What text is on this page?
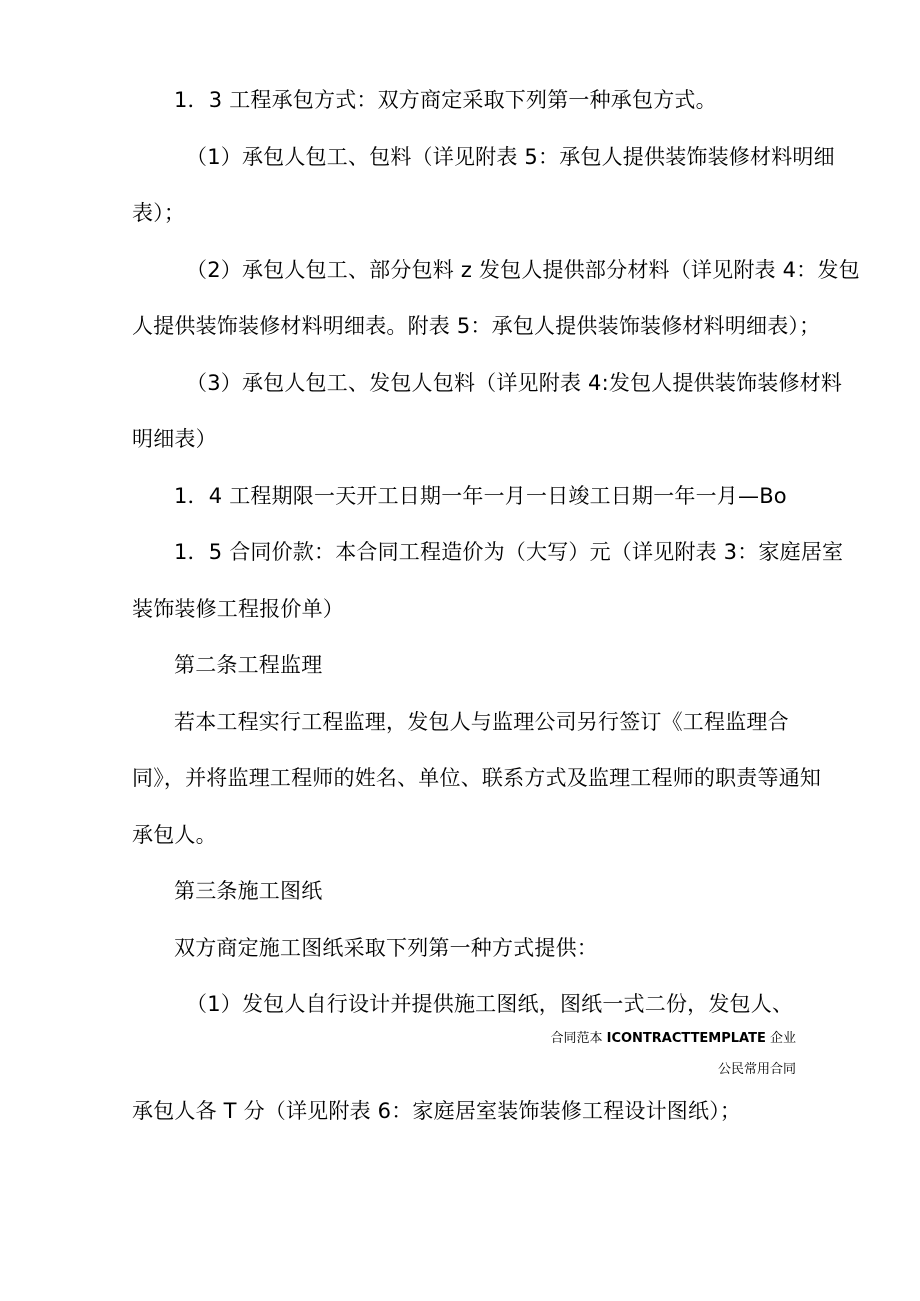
1．3 工程承包方式：双方商定采取下列第一种承包方式。
（1）承包人包工、包料（详见附表 5：承包人提供装饰装修材料明细
表）；
（2）承包人包工、部分包料 z 发包人提供部分材料（详见附表 4：发包
人提供装饰装修材料明细表。附表 5：承包人提供装饰装修材料明细表）；
（3）承包人包工、发包人包料（详见附表 4:发包人提供装饰装修材料
明细表）
1．4 工程期限一天开工日期一年一月一日竣工日期一年一月—Bo
1．5 合同价款：本合同工程造价为（大写）元（详见附表 3：家庭居室
装饰装修工程报价单）
第二条工程监理
若本工程实行工程监理，发包人与监理公司另行签订《工程监理合
同》，并将监理工程师的姓名、单位、联系方式及监理工程师的职责等通知
承包人。
第三条施工图纸
双方商定施工图纸采取下列第一种方式提供：
（1）发包人自行设计并提供施工图纸，图纸一式二份，发包人、
合同范本 ICONTRACTTEMPLATE 企业
公民常用合同
承包人各 T 分（详见附表 6：家庭居室装饰装修工程设计图纸）；
